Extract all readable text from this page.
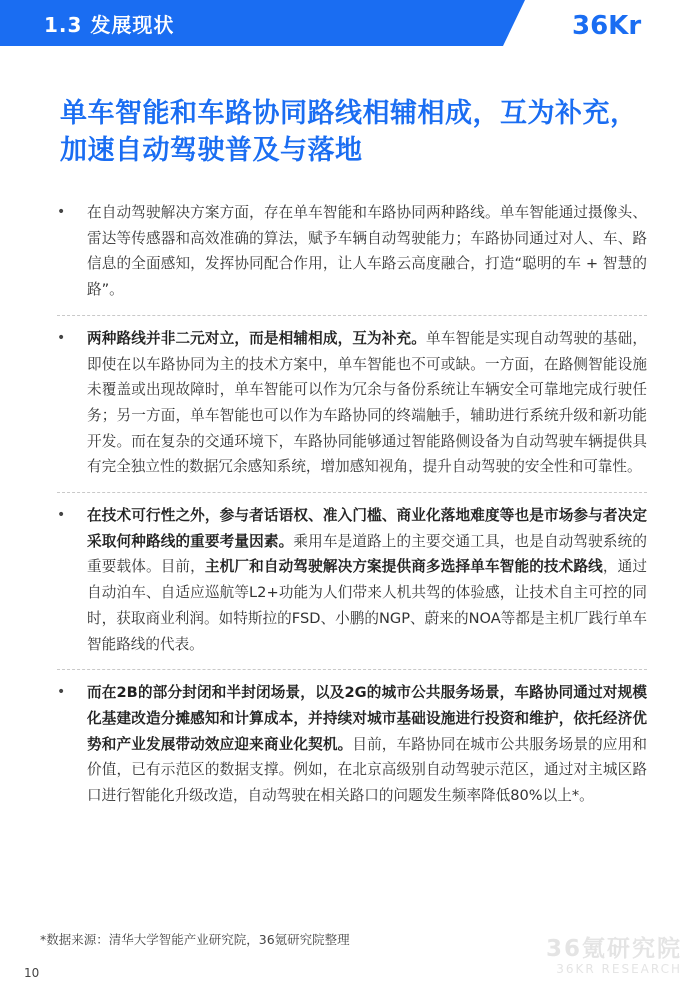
1.3 发展现状	36Kr
单车智能和车路协同路线相辅相成，互为补充，加速自动驾驶普及与落地
• 在自动驾驶解决方案方面，存在单车智能和车路协同两种路线。单车智能通过摄像头、雷达等传感器和高效准确的算法，赋予车辆自动驾驶能力；车路协同通过对人、车、路信息的全面感知，发挥协同配合作用，让人车路云高度融合，打造“聪明的车 + 智慧的路”。
• 两种路线并非二元对立，而是相辅相成，互为补充。单车智能是实现自动驾驶的基础，即使在以车路协同为主的技术方案中，单车智能也不可或缺。一方面，在路侧智能设施未覆盖或出现故障时，单车智能可以作为冗余与备份系统让车辆安全可靠地完成行驶任务；另一方面，单车智能也可以作为车路协同的终端触手，辅助进行系统升级和新功能开发。而在复杂的交通环境下，车路协同能够通过智能路侧设备为自动驾驶车辆提供具有完全独立性的数据冗余感知系统，增加感知视角，提升自动驾驶的安全性和可靠性。
• 在技术可行性之外，参与者话语权、准入门槛、商业化落地难度等也是市场参与者决定采取何种路线的重要考量因素。乘用车是道路上的主要交通工具，也是自动驾驶系统的重要载体。目前，主机厂和自动驾驶解决方案提供商多选择单车智能的技术路线，通过自动泊车、自适应巡航等L2+功能为人们带来人机共驾的体验感，让技术自主可控的同时，获取商业利润。如特斯拉的FSD、小鹏的NGP、蔚来的NOA等都是主机厂践行单车智能路线的代表。
• 而在2B的部分封闭和半封闭场景，以及2G的城市公共服务场景，车路协同通过对规模化基建改造分摊感知和计算成本，并持续对城市基础设施进行投资和维护，依托经济优势和产业发展带动效应迎来商业化契机。目前，车路协同在城市公共服务场景的应用和价值，已有示范区的数据支撑。例如，在北京高级别自动驾驶示范区，通过对主城区路口进行智能化升级改造，自动驾驶在相关路口的问题发生频率降低80%以上*。
*数据来源：清华大学智能产业研究院，36氪研究院整理	36氪研究院
36KR RESEARCH
10
